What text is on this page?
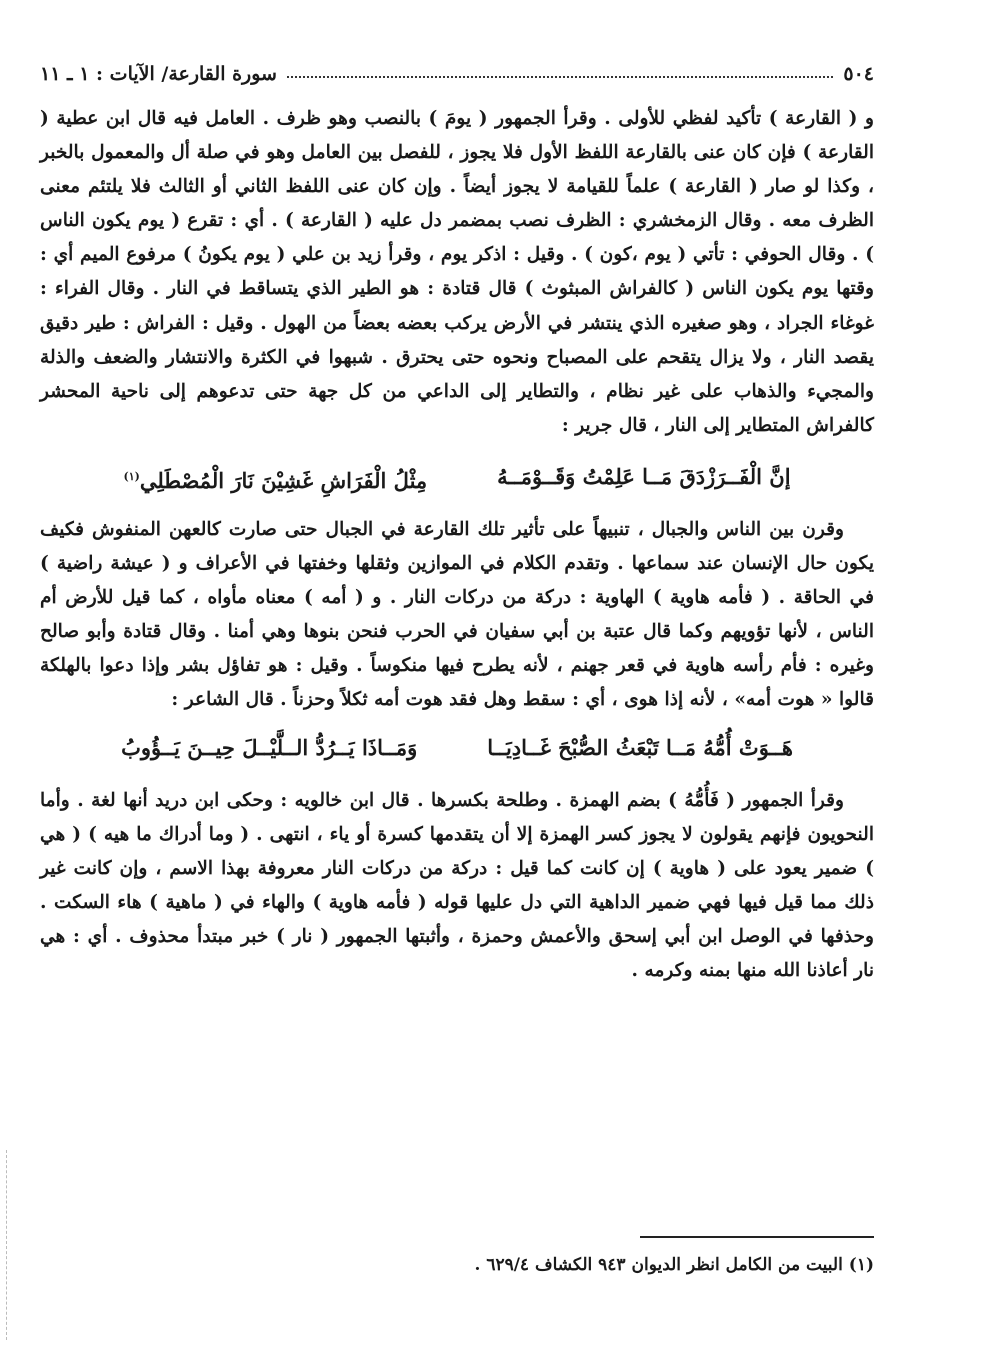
٥٠٤
سورة القارعة/ الآيات : ١ ـ ١١

و ( القارعة ) تأكيد لفظي للأولى . وقرأ الجمهور ( يومَ ) بالنصب وهو ظرف . العامل فيه قال ابن عطية ( القارعة ) فإن كان عنى بالقارعة اللفظ الأول فلا يجوز ، للفصل بين العامل وهو في صلة أل والمعمول بالخبر ، وكذا لو صار ( القارعة ) علماً للقيامة لا يجوز أيضاً . وإن كان عنى اللفظ الثاني أو الثالث فلا يلتئم معنى الظرف معه . وقال الزمخشري : الظرف نصب بمضمر دل عليه ( القارعة ) . أي : تقرع ( يوم يكون الناس ) . وقال الحوفي : تأتي ( يوم ،كون ) . وقيل : اذكر يوم ، وقرأ زيد بن علي ( يوم يكونُ ) مرفوع الميم أي : وقتها يوم يكون الناس ( كالفراش المبثوث ) قال قتادة : هو الطير الذي يتساقط في النار . وقال الفراء : غوغاء الجراد ، وهو صغيره الذي ينتشر في الأرض يركب بعضه بعضاً من الهول . وقيل : الفراش : طير دقيق يقصد النار ، ولا يزال يتقحم على المصباح ونحوه حتى يحترق . شبهوا في الكثرة والانتشار والضعف والذلة والمجيء والذهاب على غير نظام ، والتطاير إلى الداعي من كل جهة حتى تدعوهم إلى ناحية المحشر كالفراش المتطاير إلى النار ، قال جرير :

إنَّ الْفَــرَزْدَقَ مَــا عَلِمْتُ وَقَــوْمَــهُ
مِثْلُ الْفَرَاشِ غَشِيْنَ نَارَ الْمُصْطَلِي$^{(١)}$

وقرن بين الناس والجبال ، تنبيهاً على تأثير تلك القارعة في الجبال حتى صارت كالعهن المنفوش فكيف يكون حال الإنسان عند سماعها . وتقدم الكلام في الموازين وثقلها وخفتها في الأعراف و ( عيشة راضية ) في الحاقة . ( فأمه هاوية ) الهاوية : دركة من دركات النار . و ( أمه ) معناه مأواه ، كما قيل للأرض أم الناس ، لأنها تؤويهم وكما قال عتبة بن أبي سفيان في الحرب فنحن بنوها وهي أمنا . وقال قتادة وأبو صالح وغيره : فأم رأسه هاوية في قعر جهنم ، لأنه يطرح فيها منكوساً . وقيل : هو تفاؤل بشر وإذا دعوا بالهلكة قالوا « هوت أمه» ، لأنه إذا هوى ، أي : سقط وهل فقد هوت أمه ثكلاً وحزناً . قال الشاعر :

هَــوَتْ أُمُّهُ مَــا تَبْعَثُ الصُّبْحَ غَــادِيَــا
وَمَــاذَا يَــرُدُّ الــلَّيْــلَ حِيــنَ يَــؤُوبُ

وقرأ الجمهور ( فَأُمُّهُ ) بضم الهمزة . وطلحة بكسرها . قال ابن خالويه : وحكى ابن دريد أنها لغة . وأما النحويون فإنهم يقولون لا يجوز كسر الهمزة إلا أن يتقدمها كسرة أو ياء ، انتهى . ( وما أدراك ما هيه ) ( هي ) ضمير يعود على ( هاوية ) إن كانت كما قيل : دركة من دركات النار معروفة بهذا الاسم ، وإن كانت غير ذلك مما قيل فيها فهي ضمير الداهية التي دل عليها قوله ( فأمه هاوية ) والهاء في ( ماهية ) هاء السكت . وحذفها في الوصل ابن أبي إسحق والأعمش وحمزة ، وأثبتها الجمهور ( نار ) خبر مبتدأ محذوف . أي : هي نار أعاذنا الله منها بمنه وكرمه .

(١) البيت من الكامل انظر الديوان ٩٤٣ الكشاف ٦٢٩/٤ .
